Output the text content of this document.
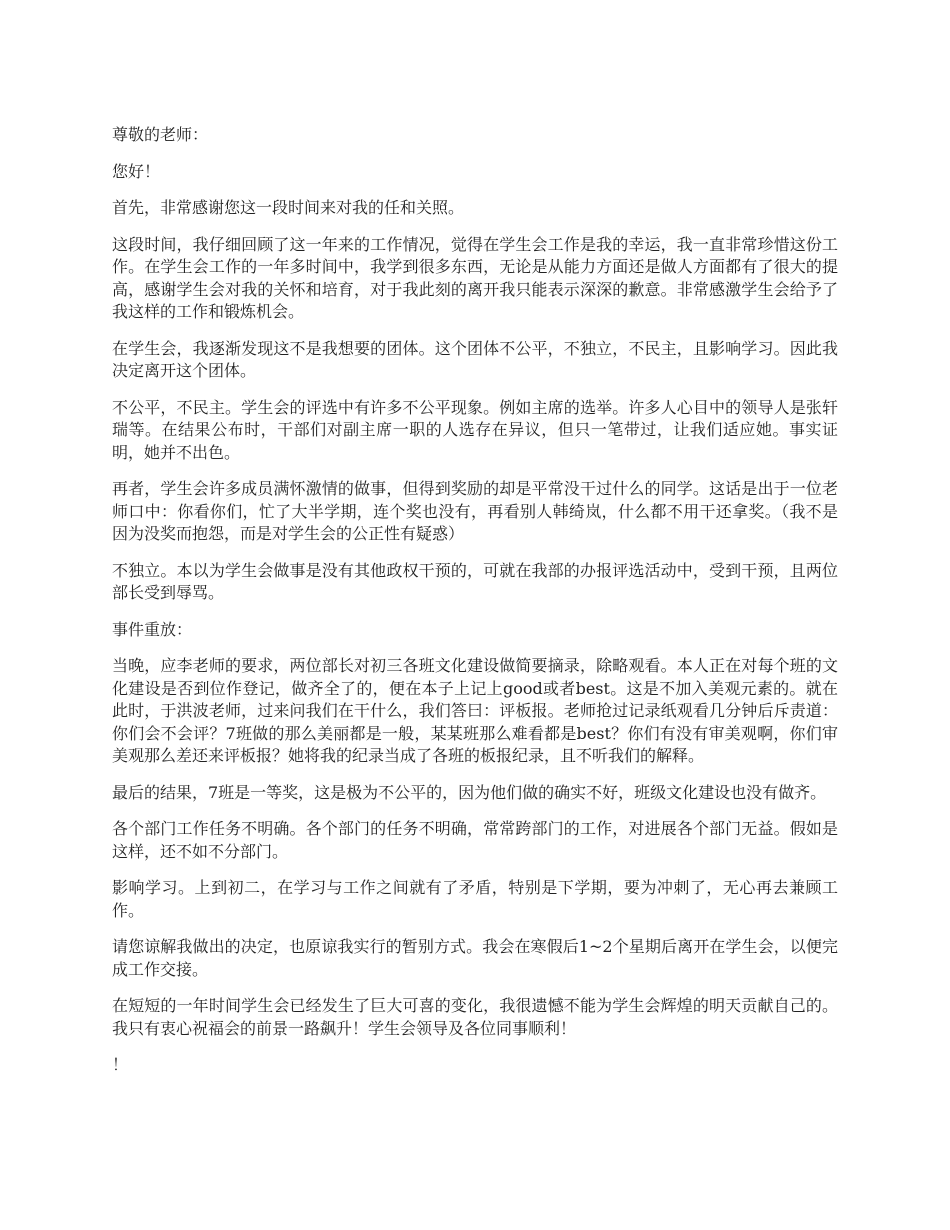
尊敬的老师：

您好！

首先，非常感谢您这一段时间来对我的任和关照。

这段时间，我仔细回顾了这一年来的工作情况，觉得在学生会工作是我的幸运，我一直非常珍惜这份工作。在学生会工作的一年多时间中，我学到很多东西，无论是从能力方面还是做人方面都有了很大的提高，感谢学生会对我的关怀和培育，对于我此刻的离开我只能表示深深的歉意。非常感激学生会给予了我这样的工作和锻炼机会。

在学生会，我逐渐发现这不是我想要的团体。这个团体不公平，不独立，不民主，且影响学习。因此我决定离开这个团体。

不公平，不民主。学生会的评选中有许多不公平现象。例如主席的选举。许多人心目中的领导人是张轩瑞等。在结果公布时，干部们对副主席一职的人选存在异议，但只一笔带过，让我们适应她。事实证明，她并不出色。

再者，学生会许多成员满怀激情的做事，但得到奖励的却是平常没干过什么的同学。这话是出于一位老师口中：你看你们，忙了大半学期，连个奖也没有，再看别人韩绮岚，什么都不用干还拿奖。（我不是因为没奖而抱怨，而是对学生会的公正性有疑惑）

不独立。本以为学生会做事是没有其他政权干预的，可就在我部的办报评选活动中，受到干预，且两位部长受到辱骂。

事件重放：

当晚，应李老师的要求，两位部长对初三各班文化建设做简要摘录，除略观看。本人正在对每个班的文化建设是否到位作登记，做齐全了的，便在本子上记上good或者best。这是不加入美观元素的。就在此时，于洪波老师，过来问我们在干什么，我们答曰：评板报。老师抢过记录纸观看几分钟后斥责道：你们会不会评？7班做的那么美丽都是一般，某某班那么难看都是best？你们有没有审美观啊，你们审美观那么差还来评板报？她将我的纪录当成了各班的板报纪录，且不听我们的解释。

最后的结果，7班是一等奖，这是极为不公平的，因为他们做的确实不好，班级文化建设也没有做齐。

各个部门工作任务不明确。各个部门的任务不明确，常常跨部门的工作，对进展各个部门无益。假如是这样，还不如不分部门。

影响学习。上到初二，在学习与工作之间就有了矛盾，特别是下学期，要为冲刺了，无心再去兼顾工作。

请您谅解我做出的决定，也原谅我实行的暂别方式。我会在寒假后1~2个星期后离开在学生会，以便完成工作交接。

在短短的一年时间学生会已经发生了巨大可喜的变化，我很遗憾不能为学生会辉煌的明天贡献自己的。我只有衷心祝福会的前景一路飙升！学生会领导及各位同事顺利！

！
